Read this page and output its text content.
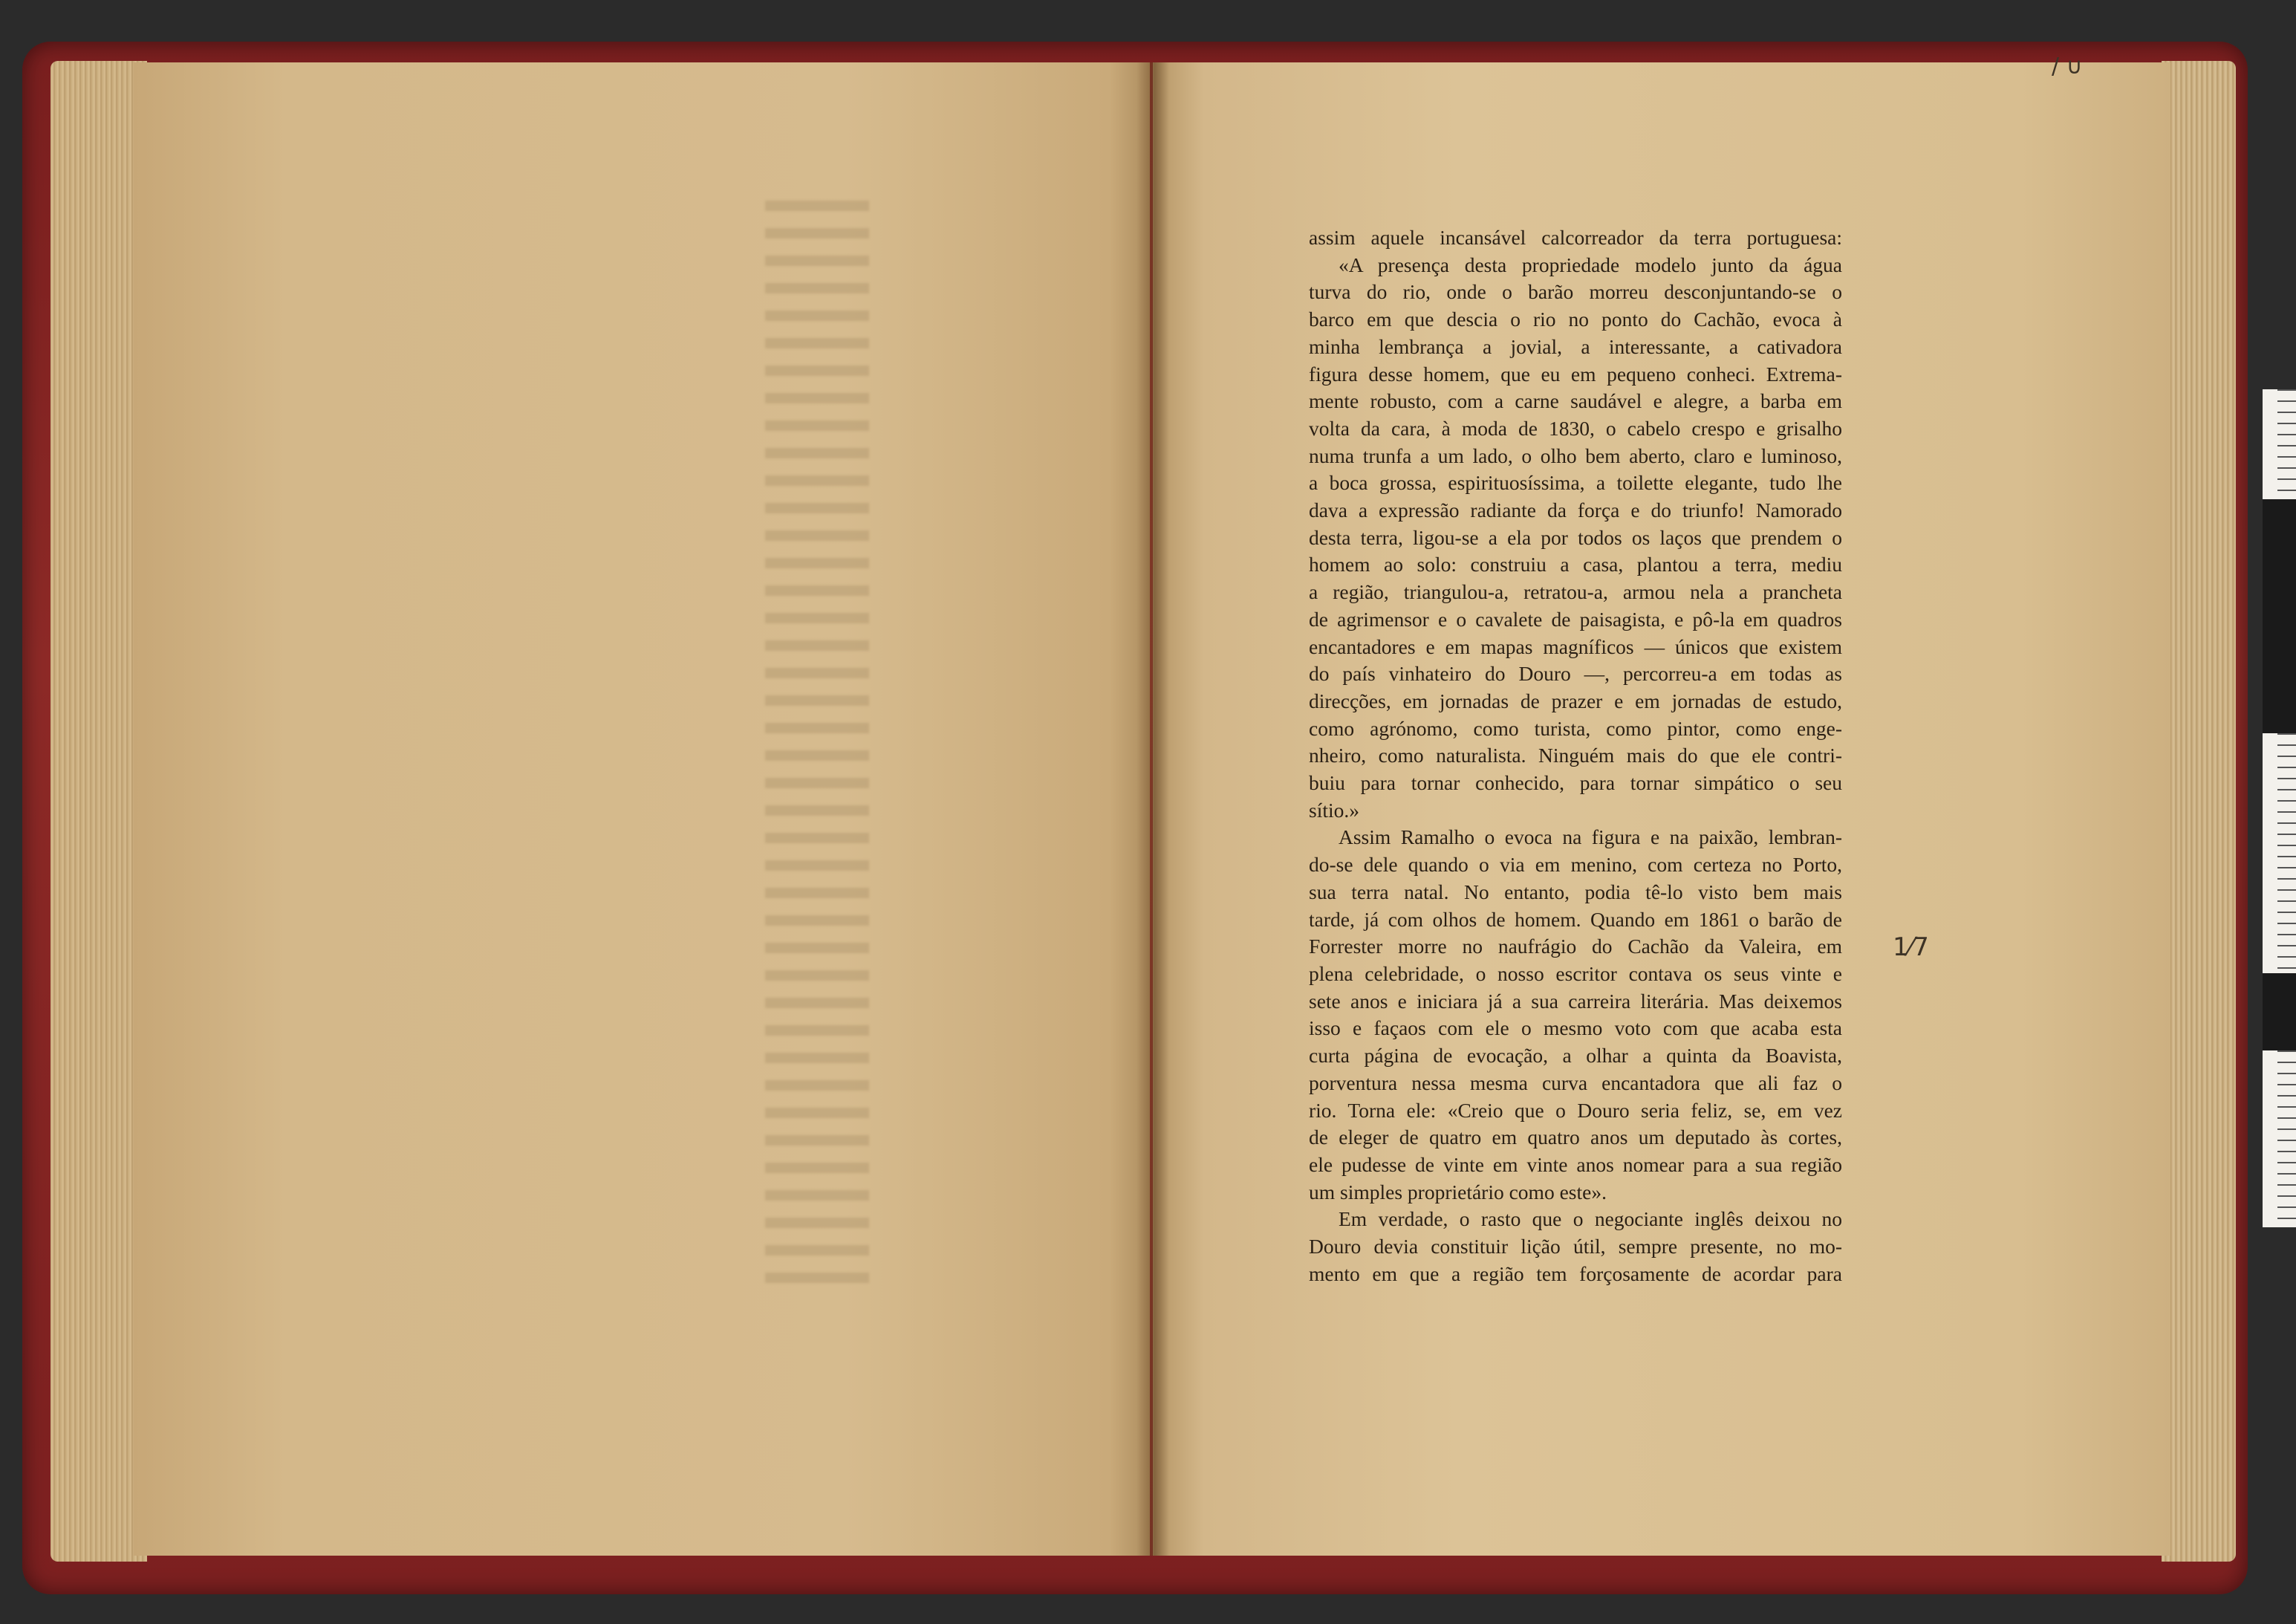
assim aquele incansável calcorreador da terra portuguesa:

«A presença desta propriedade modelo junto da água

turva do rio, onde o barão morreu desconjuntando-se o

barco em que descia o rio no ponto do Cachão, evoca à

minha lembrança a jovial, a interessante, a cativadora

figura desse homem, que eu em pequeno conheci. Extrema-

mente robusto, com a carne saudável e alegre, a barba em

volta da cara, à moda de 1830, o cabelo crespo e grisalho

numa trunfa a um lado, o olho bem aberto, claro e luminoso,

a boca grossa, espirituosíssima, a toilette elegante, tudo lhe

dava a expressão radiante da força e do triunfo! Namorado

desta terra, ligou-se a ela por todos os laços que prendem o

homem ao solo: construiu a casa, plantou a terra, mediu

a região, triangulou-a, retratou-a, armou nela a prancheta

de agrimensor e o cavalete de paisagista, e pô-la em quadros

encantadores e em mapas magníficos — únicos que existem

do país vinhateiro do Douro —, percorreu-a em todas as

direcções, em jornadas de prazer e em jornadas de estudo,

como agrónomo, como turista, como pintor, como enge-

nheiro, como naturalista. Ninguém mais do que ele contri-

buiu para tornar conhecido, para tornar simpático o seu

sítio.»

Assim Ramalho o evoca na figura e na paixão, lembran-

do-se dele quando o via em menino, com certeza no Porto,

sua terra natal. No entanto, podia tê-lo visto bem mais

tarde, já com olhos de homem. Quando em 1861 o barão de

Forrester morre no naufrágio do Cachão da Valeira, em

plena celebridade, o nosso escritor contava os seus vinte e

sete anos e iniciara já a sua carreira literária. Mas deixemos

isso e façaos com ele o mesmo voto com que acaba esta

curta página de evocação, a olhar a quinta da Boavista,

porventura nessa mesma curva encantadora que ali faz o

rio. Torna ele: «Creio que o Douro seria feliz, se, em vez

de eleger de quatro em quatro anos um deputado às cortes,

ele pudesse de vinte em vinte anos nomear para a sua região

um simples proprietário como este».

Em verdade, o rasto que o negociante inglês deixou no

Douro devia constituir lição útil, sempre presente, no mo-

mento em que a região tem forçosamente de acordar para

1⁄7
/ ∪
